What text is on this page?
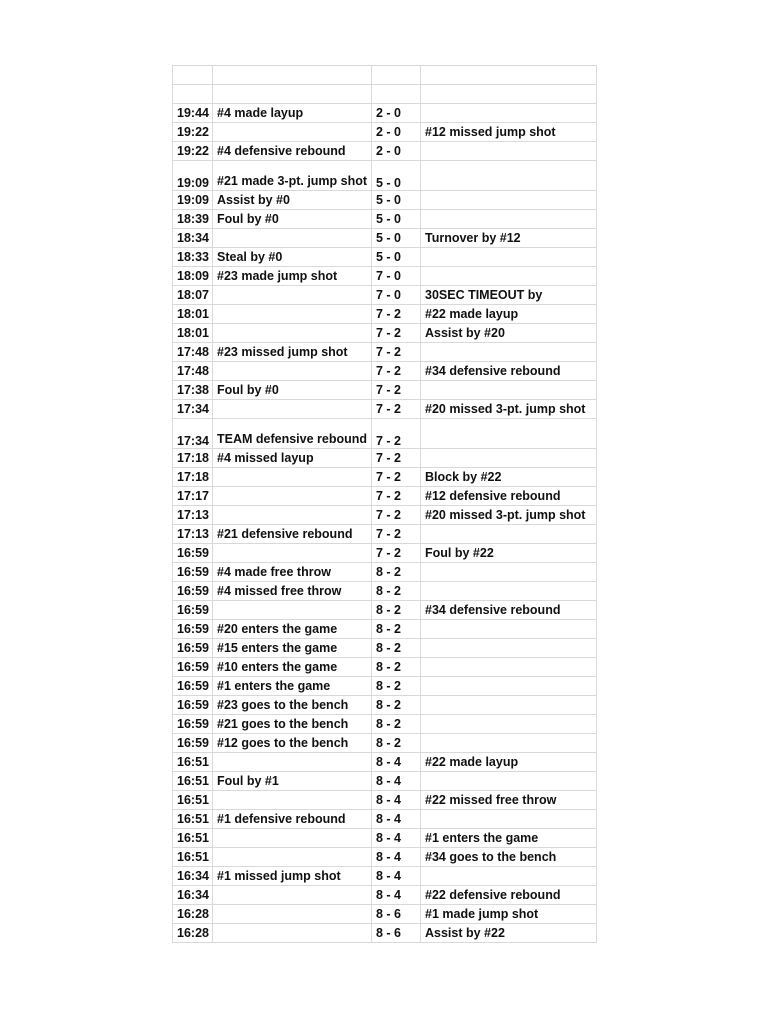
19:44	#4 made layup	2 - 0	
19:22		2 - 0	#12 missed jump shot
19:22	#4 defensive rebound	2 - 0	
19:09	#21 made 3-pt. jump shot	5 - 0	
19:09	Assist by #0	5 - 0	
18:39	Foul by #0	5 - 0	
18:34		5 - 0	Turnover by #12
18:33	Steal by #0	5 - 0	
18:09	#23 made jump shot	7 - 0	
18:07		7 - 0	30SEC TIMEOUT by
18:01		7 - 2	#22 made layup
18:01		7 - 2	Assist by #20
17:48	#23 missed jump shot	7 - 2	
17:48		7 - 2	#34 defensive rebound
17:38	Foul by #0	7 - 2	
17:34		7 - 2	#20 missed 3-pt. jump shot
17:34	TEAM defensive rebound	7 - 2	
17:18	#4 missed layup	7 - 2	
17:18		7 - 2	Block by #22
17:17		7 - 2	#12 defensive rebound
17:13		7 - 2	#20 missed 3-pt. jump shot
17:13	#21 defensive rebound	7 - 2	
16:59		7 - 2	Foul by #22
16:59	#4 made free throw	8 - 2	
16:59	#4 missed free throw	8 - 2	
16:59		8 - 2	#34 defensive rebound
16:59	#20 enters the game	8 - 2	
16:59	#15 enters the game	8 - 2	
16:59	#10 enters the game	8 - 2	
16:59	#1 enters the game	8 - 2	
16:59	#23 goes to the bench	8 - 2	
16:59	#21 goes to the bench	8 - 2	
16:59	#12 goes to the bench	8 - 2	
16:51		8 - 4	#22 made layup
16:51	Foul by #1	8 - 4	
16:51		8 - 4	#22 missed free throw
16:51	#1 defensive rebound	8 - 4	
16:51		8 - 4	#1 enters the game
16:51		8 - 4	#34 goes to the bench
16:34	#1 missed jump shot	8 - 4	
16:34		8 - 4	#22 defensive rebound
16:28		8 - 6	#1 made jump shot
16:28		8 - 6	Assist by #22
